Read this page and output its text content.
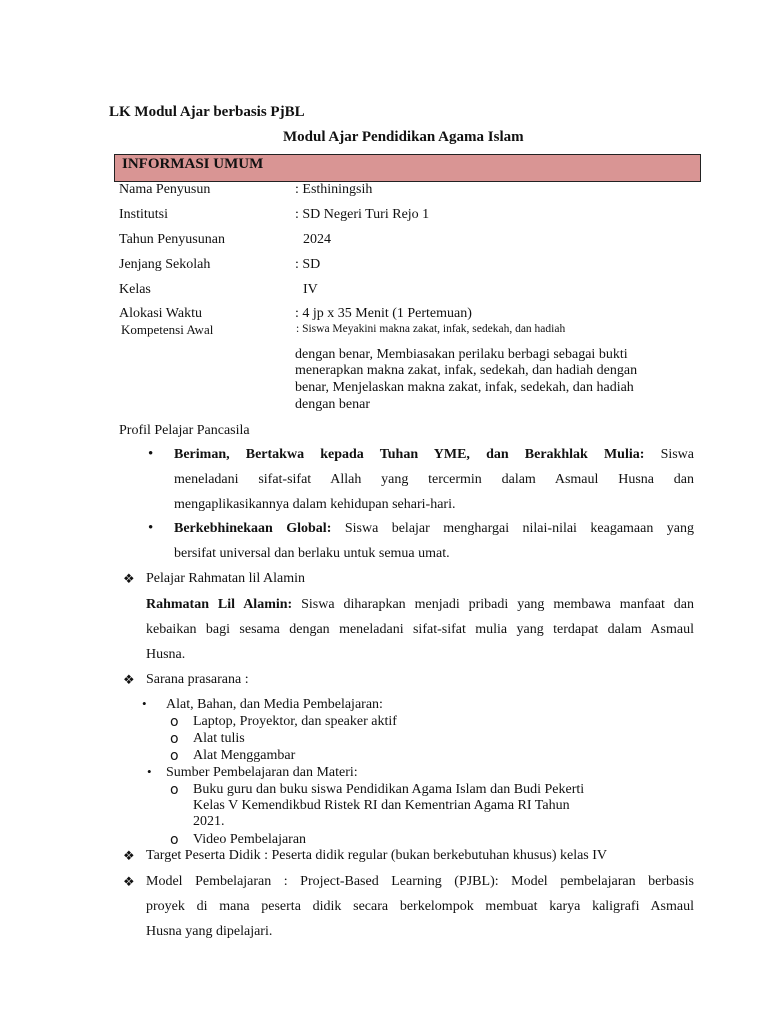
LK Modul Ajar berbasis PjBL
Modul Ajar Pendidikan Agama Islam
INFORMASI UMUM
Nama Penyusun	: Esthiningsih
Institutsi	: SD Negeri Turi Rejo 1
Tahun Penyusunan	2024
Jenjang Sekolah	: SD
Kelas	IV
Alokasi Waktu	: 4 jp x 35 Menit (1 Pertemuan)
Kompetensi Awal	: Siswa Meyakini makna zakat, infak, sedekah, dan hadiah
dengan benar, Membiasakan perilaku berbagi sebagai bukti
menerapkan makna zakat, infak, sedekah, dan hadiah dengan
benar, Menjelaskan makna zakat, infak, sedekah, dan hadiah
dengan benar
Profil Pelajar Pancasila
• Beriman, Bertakwa kepada Tuhan YME, dan Berakhlak Mulia: Siswa
meneladani sifat-sifat Allah yang tercermin dalam Asmaul Husna dan
mengaplikasikannya dalam kehidupan sehari-hari.
• Berkebhinekaan Global: Siswa belajar menghargai nilai-nilai keagamaan yang
bersifat universal dan berlaku untuk semua umat.
❖ Pelajar Rahmatan lil Alamin
Rahmatan Lil Alamin: Siswa diharapkan menjadi pribadi yang membawa manfaat dan
kebaikan bagi sesama dengan meneladani sifat-sifat mulia yang terdapat dalam Asmaul
Husna.
❖ Sarana prasarana :
• Alat, Bahan, dan Media Pembelajaran:
o Laptop, Proyektor, dan speaker aktif
o Alat tulis
o Alat Menggambar
• Sumber Pembelajaran dan Materi:
o Buku guru dan buku siswa Pendidikan Agama Islam dan Budi Pekerti
Kelas V Kemendikbud Ristek RI dan Kementrian Agama RI Tahun
2021.
o Video Pembelajaran
❖ Target Peserta Didik : Peserta didik regular (bukan berkebutuhan khusus) kelas IV
❖ Model Pembelajaran : Project-Based Learning (PJBL): Model pembelajaran berbasis
proyek di mana peserta didik secara berkelompok membuat karya kaligrafi Asmaul
Husna yang dipelajari.
